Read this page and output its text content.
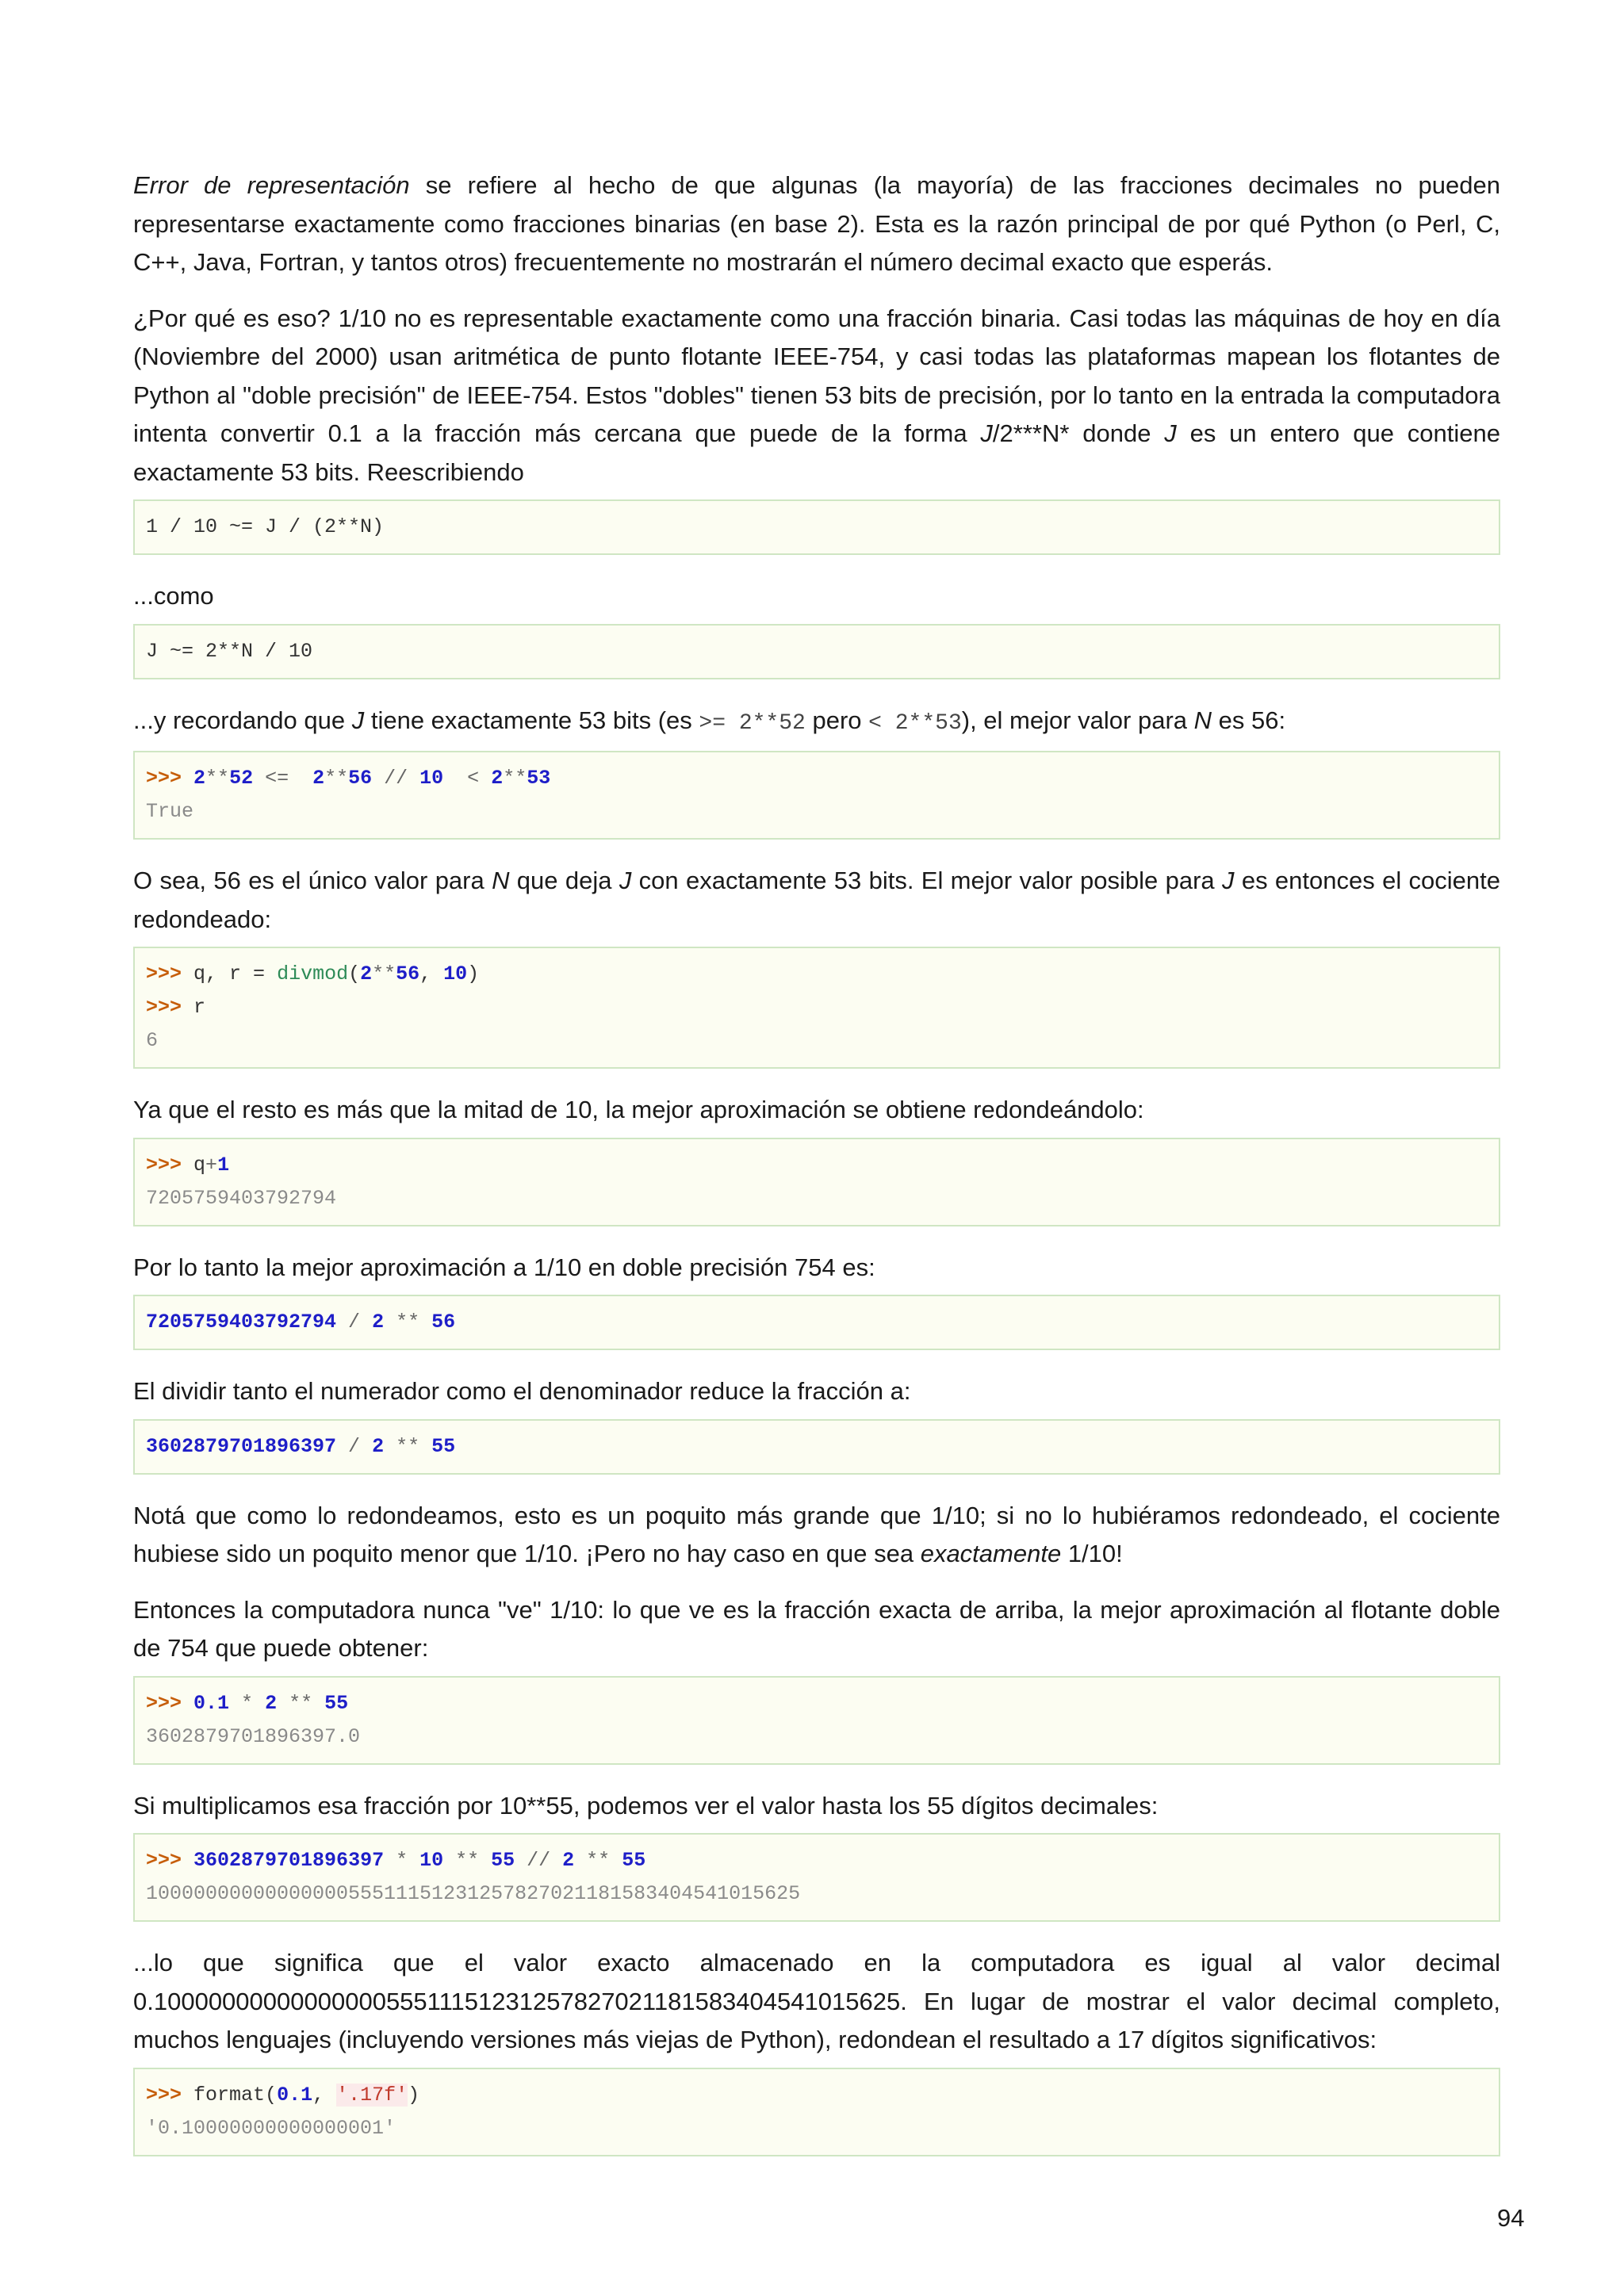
Error de representación se refiere al hecho de que algunas (la mayoría) de las fracciones decimales no pueden representarse exactamente como fracciones binarias (en base 2). Esta es la razón principal de por qué Python (o Perl, C, C++, Java, Fortran, y tantos otros) frecuentemente no mostrarán el número decimal exacto que esperás.

¿Por qué es eso? 1/10 no es representable exactamente como una fracción binaria. Casi todas las máquinas de hoy en día (Noviembre del 2000) usan aritmética de punto flotante IEEE-754, y casi todas las plataformas mapean los flotantes de Python al "doble precisión" de IEEE-754. Estos "dobles" tienen 53 bits de precisión, por lo tanto en la entrada la computadora intenta convertir 0.1 a la fracción más cercana que puede de la forma J/2***N* donde J es un entero que contiene exactamente 53 bits. Reescribiendo

1 / 10 ~= J / (2**N)

...como

J ~= 2**N / 10

...y recordando que J tiene exactamente 53 bits (es >= 2**52 pero < 2**53), el mejor valor para N es 56:

>>> 2**52 <=  2**56 // 10  < 2**53
True

O sea, 56 es el único valor para N que deja J con exactamente 53 bits. El mejor valor posible para J es entonces el cociente redondeado:

>>> q, r = divmod(2**56, 10)
>>> r
6

Ya que el resto es más que la mitad de 10, la mejor aproximación se obtiene redondeándolo:

>>> q+1
7205759403792794

Por lo tanto la mejor aproximación a 1/10 en doble precisión 754 es:

7205759403792794 / 2 ** 56

El dividir tanto el numerador como el denominador reduce la fracción a:

3602879701896397 / 2 ** 55

Notá que como lo redondeamos, esto es un poquito más grande que 1/10; si no lo hubiéramos redondeado, el cociente hubiese sido un poquito menor que 1/10. ¡Pero no hay caso en que sea exactamente 1/10!

Entonces la computadora nunca "ve" 1/10: lo que ve es la fracción exacta de arriba, la mejor aproximación al flotante doble de 754 que puede obtener:

>>> 0.1 * 2 ** 55
3602879701896397.0

Si multiplicamos esa fracción por 10**55, podemos ver el valor hasta los 55 dígitos decimales:

>>> 3602879701896397 * 10 ** 55 // 2 ** 55
1000000000000000055511151231257827021181583404541015625

...lo que significa que el valor exacto almacenado en la computadora es igual al valor decimal 0.1000000000000000055511151231257827021181583404541015625. En lugar de mostrar el valor decimal completo, muchos lenguajes (incluyendo versiones más viejas de Python), redondean el resultado a 17 dígitos significativos:

>>> format(0.1, '.17f')
'0.10000000000000001'
94
